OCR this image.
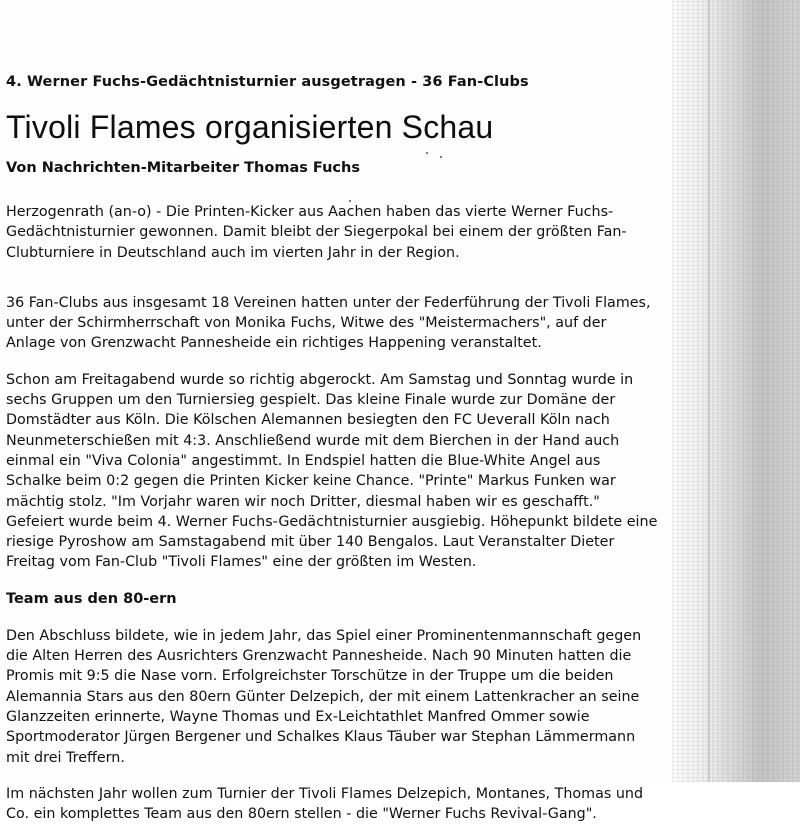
4. Werner Fuchs-Gedächtnisturnier ausgetragen - 36 Fan-Clubs

Tivoli Flames organisierten Schau

Von Nachrichten-Mitarbeiter Thomas Fuchs

Herzogenrath (an-o) - Die Printen-Kicker aus Aachen haben das vierte Werner Fuchs-
Gedächtnisturnier gewonnen. Damit bleibt der Siegerpokal bei einem der größten Fan-
Clubturniere in Deutschland auch im vierten Jahr in der Region.

36 Fan-Clubs aus insgesamt 18 Vereinen hatten unter der Federführung der Tivoli Flames,
unter der Schirmherrschaft von Monika Fuchs, Witwe des "Meistermachers", auf der
Anlage von Grenzwacht Pannesheide ein richtiges Happening veranstaltet.

Schon am Freitagabend wurde so richtig abgerockt. Am Samstag und Sonntag wurde in
sechs Gruppen um den Turniersieg gespielt. Das kleine Finale wurde zur Domäne der
Domstädter aus Köln. Die Kölschen Alemannen besiegten den FC Ueverall Köln nach
Neunmeterschießen mit 4:3. Anschließend wurde mit dem Bierchen in der Hand auch
einmal ein "Viva Colonia" angestimmt. In Endspiel hatten die Blue-White Angel aus
Schalke beim 0:2 gegen die Printen Kicker keine Chance. "Printe" Markus Funken war
mächtig stolz. "Im Vorjahr waren wir noch Dritter, diesmal haben wir es geschafft."
Gefeiert wurde beim 4. Werner Fuchs-Gedächtnisturnier ausgiebig. Höhepunkt bildete eine
riesige Pyroshow am Samstagabend mit über 140 Bengalos. Laut Veranstalter Dieter
Freitag vom Fan-Club "Tivoli Flames" eine der größten im Westen.

Team aus den 80-ern

Den Abschluss bildete, wie in jedem Jahr, das Spiel einer Prominentenmannschaft gegen
die Alten Herren des Ausrichters Grenzwacht Pannesheide. Nach 90 Minuten hatten die
Promis mit 9:5 die Nase vorn. Erfolgreichster Torschütze in der Truppe um die beiden
Alemannia Stars aus den 80ern Günter Delzepich, der mit einem Lattenkracher an seine
Glanzzeiten erinnerte, Wayne Thomas und Ex-Leichtathlet Manfred Ommer sowie
Sportmoderator Jürgen Bergener und Schalkes Klaus Täuber war Stephan Lämmermann
mit drei Treffern.

Im nächsten Jahr wollen zum Turnier der Tivoli Flames Delzepich, Montanes, Thomas und
Co. ein komplettes Team aus den 80ern stellen - die "Werner Fuchs Revival-Gang".
